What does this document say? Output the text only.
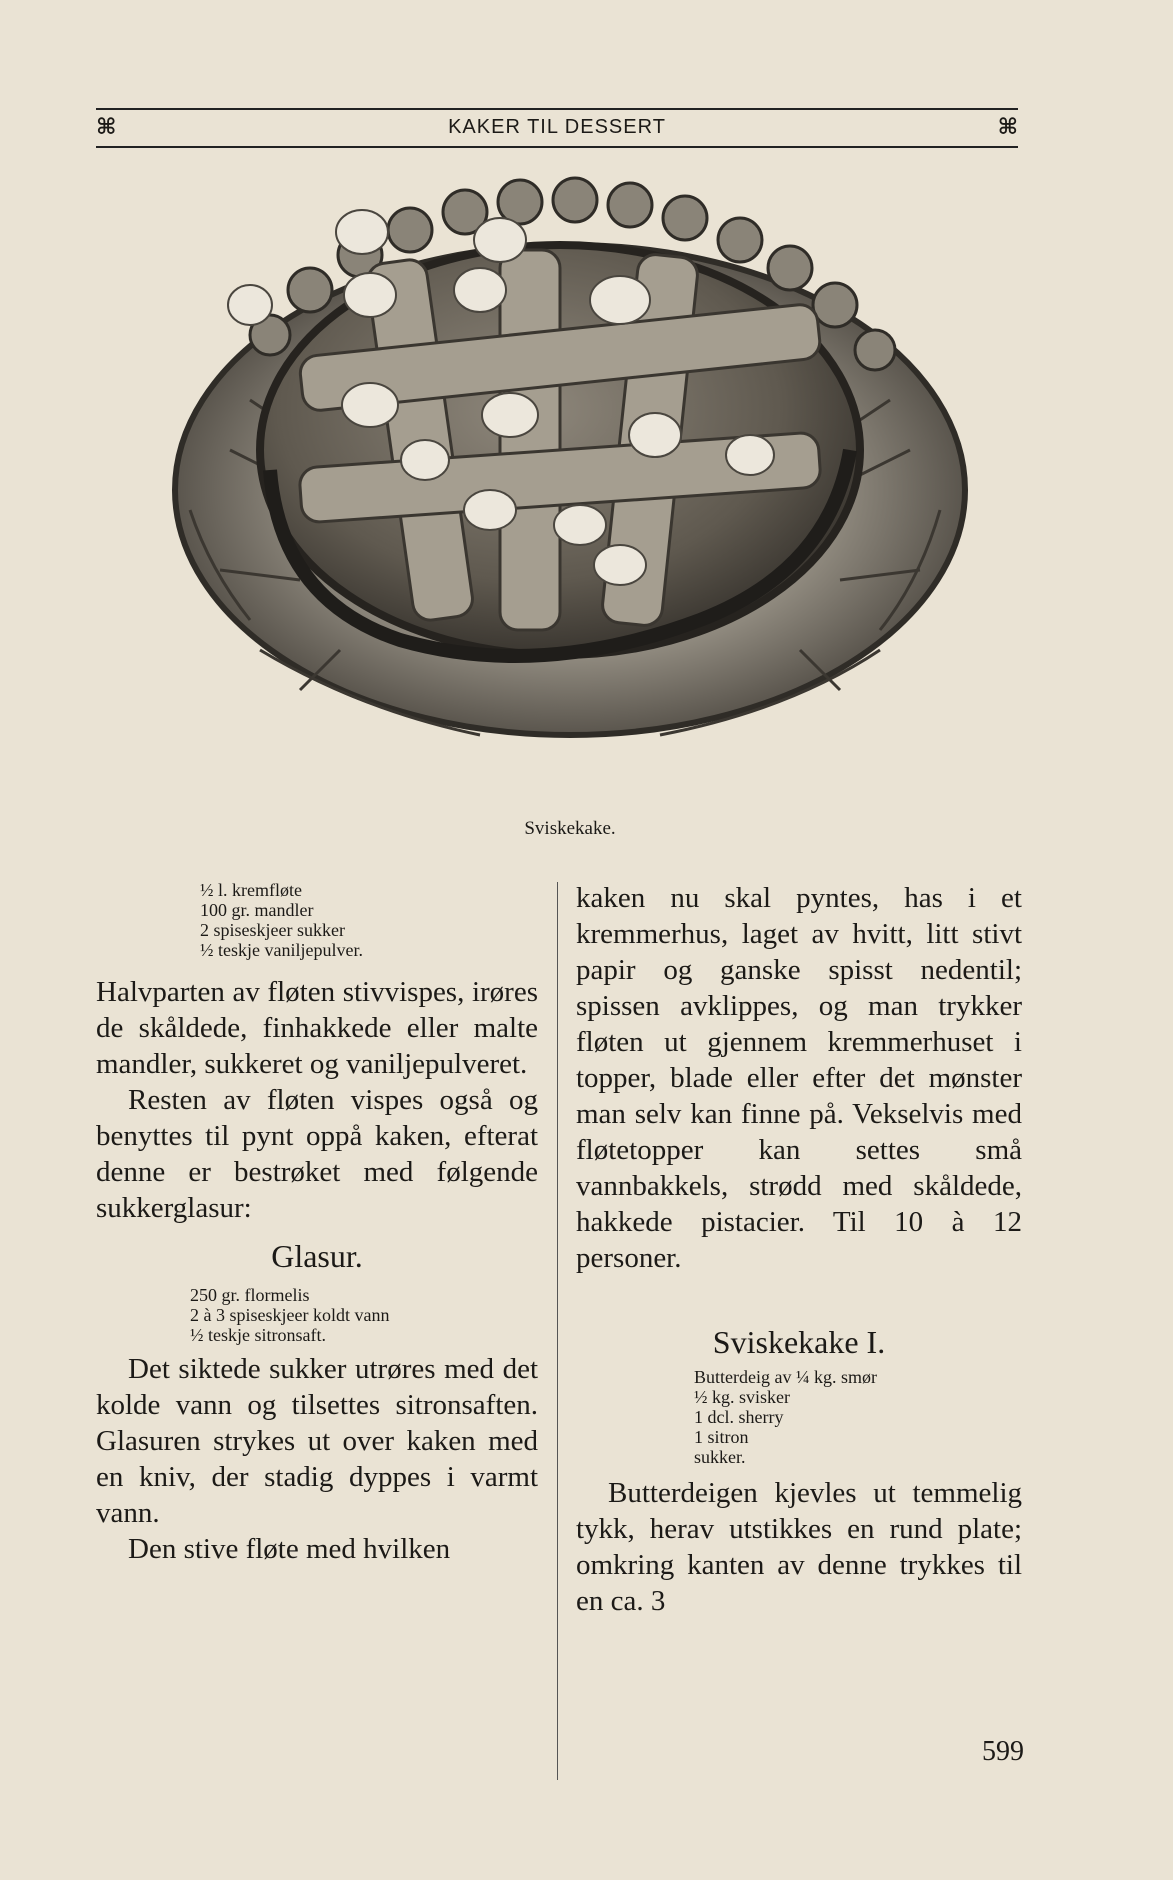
⌘	KAKER TIL DESSERT	⌘
Sviskekake.
½ l. kremfløte
100 gr. mandler
2 spiseskjeer sukker
½ teskje vaniljepulver.

Halvparten av fløten stivvispes, irøres de skåldede, finhakkede eller malte mandler, sukkeret og vaniljepulveret.

Resten av fløten vispes også og benyttes til pynt oppå kaken, efterat denne er bestrøket med følgende sukkerglasur:

Glasur.
250 gr. flormelis
2 à 3 spiseskjeer koldt vann
½ teskje sitronsaft.

Det siktede sukker utrøres med det kolde vann og tilsettes sitronsaften. Glasuren strykes ut over kaken med en kniv, der stadig dyppes i varmt vann.

Den stive fløte med hvilken

kaken nu skal pyntes, has i et kremmerhus, laget av hvitt, litt stivt papir og ganske spisst nedentil; spissen avklippes, og man trykker fløten ut gjennem kremmerhuset i topper, blade eller efter det mønster man selv kan finne på. Vekselvis med fløtetopper kan settes små vannbakkels, strødd med skåldede, hakkede pistacier. Til 10 à 12 personer.

Sviskekake I.
Butterdeig av ¼ kg. smør
½ kg. svisker
1 dcl. sherry
1 sitron
sukker.

Butterdeigen kjevles ut temmelig tykk, herav utstikkes en rund plate; omkring kanten av denne trykkes til en ca. 3

599
